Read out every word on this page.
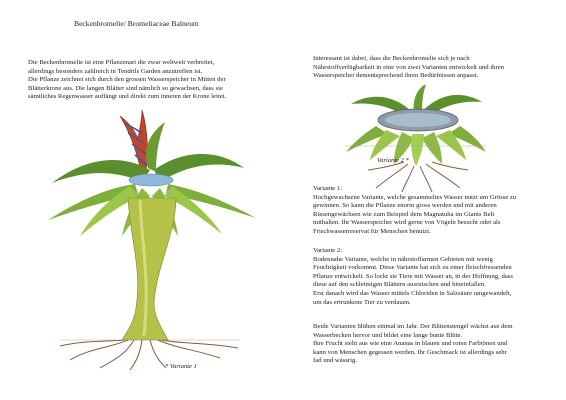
Beckenbromelie/ Bromeliaceae Balneum

Die Beckenbromelie ist eine Pflanzenart die zwar weltweit verbreitet,
allerdings besonders zahlreich in Tendrils Garden anzutreffen ist.
Die Pflanze zeichnet sich durch den grossen Wasserspeicher in Mitten der
Blätterkrone aus. Die langen Blätter sind nämlich so gewachsen, dass sie
sämtliches Regenwasser auffängt und direkt zum inneren der Krone leitet.

* Variante 1

Interessant ist dabei, dass die Beckenbromelie sich je nach
Nährstoffverfügbarkeit in eine von zwei Varianten entwickelt und ihren
Wasserspeicher dementsprechend ihren Bedürfnissen anpasst.

Variante 2 *

Variante 1:
Hochgewachsene Variante, welche gesammeltes Wasser nutzt um Grösse zu
gewinnen. So kann die Pflanze enorm gross werden und mit anderen
Riesengewächsen wie zum Beispiel dem Magnatuha im Giants Belt
mithalten. Ihr Wasserspeicher wird gerne von Vögeln besucht oder als
Frischwasserreservat für Menschen benutzt.

Variante 2:
Bodennahe Variante, welche in nährstoffarmen Gebieten mit wenig
Feuchtigkeit vorkommt. Diese Variante hat sich zu einer fleischfressenden
Pflanze entwickelt. So lockt sie Tiere mit Wasser an, in der Hoffnung, dass
diese auf den schleimigen Blättern ausrutschen und hineinfallen.
Erst danach wird das Wasser mittels Chloriden in Salzsäure umgewandelt,
um das ertrunkene Tier zu verdauen.

Beide Varianten blühen einmal im Jahr. Der Blütenstengel wächst aus dem
Wasserbecken hervor und bildet eine lange bunte Blüte.
Ihre Frucht sieht aus wie eine Ananas in blauen und roten Farbtönen und
kann von Menschen gegessen werden. Ihr Geschmack ist allerdings sehr
fad und wässrig.
